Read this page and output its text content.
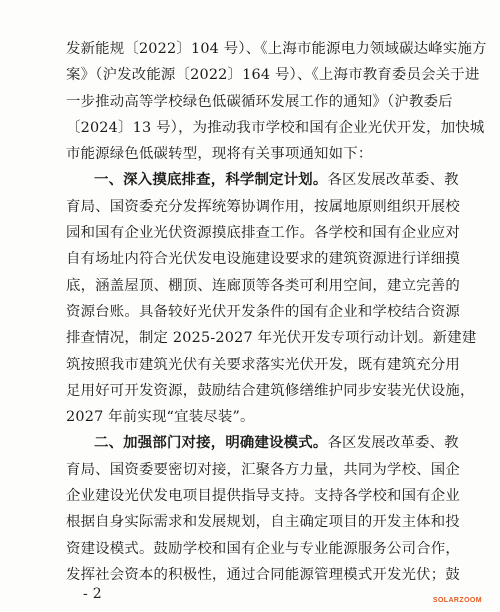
发新能规〔2022〕104 号）、《上海市能源电力领域碳达峰实施方
案》（沪发改能源〔2022〕164 号）、《上海市教育委员会关于进
一步推动高等学校绿色低碳循环发展工作的通知》（沪教委后
〔2024〕13 号），为推动我市学校和国有企业光伏开发，加快城
市能源绿色低碳转型，现将有关事项通知如下：
一、深入摸底排查，科学制定计划。各区发展改革委、教
育局、国资委充分发挥统筹协调作用，按属地原则组织开展校
园和国有企业光伏资源摸底排查工作。各学校和国有企业应对
自有场址内符合光伏发电设施建设要求的建筑资源进行详细摸
底，涵盖屋顶、棚顶、连廊顶等各类可利用空间，建立完善的
资源台账。具备较好光伏开发条件的国有企业和学校结合资源
排查情况，制定 2025-2027 年光伏开发专项行动计划。新建建
筑按照我市建筑光伏有关要求落实光伏开发，既有建筑充分用
足用好可开发资源，鼓励结合建筑修缮维护同步安装光伏设施，
2027 年前实现“宜装尽装”。
二、加强部门对接，明确建设模式。各区发展改革委、教
育局、国资委要密切对接，汇聚各方力量，共同为学校、国企
企业建设光伏发电项目提供指导支持。支持各学校和国有企业
根据自身实际需求和发展规划，自主确定项目的开发主体和投
资建设模式。鼓励学校和国有企业与专业能源服务公司合作，
发挥社会资本的积极性，通过合同能源管理模式开发光伏；鼓
- 2	SOLARZOOM
